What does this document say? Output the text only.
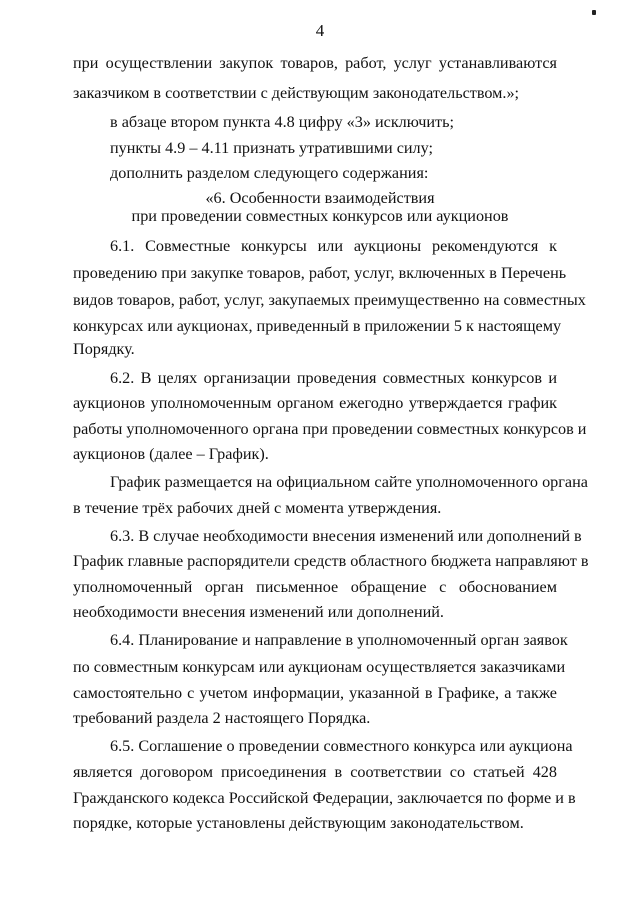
4
при осуществлении закупок товаров, работ, услуг устанавливаются
заказчиком в соответствии с действующим законодательством.»;
в абзаце втором пункта 4.8 цифру «3» исключить;
пункты 4.9 – 4.11 признать утратившими силу;
дополнить разделом следующего содержания:
«6. Особенности взаимодействия
при проведении совместных конкурсов или аукционов
6.1. Совместные конкурсы или аукционы рекомендуются к
проведению при закупке товаров, работ, услуг, включенных в Перечень
видов товаров, работ, услуг, закупаемых преимущественно на совместных
конкурсах или аукционах, приведенный в приложении 5 к настоящему
Порядку.
6.2. В целях организации проведения совместных конкурсов и
аукционов уполномоченным органом ежегодно утверждается график
работы уполномоченного органа при проведении совместных конкурсов и
аукционов (далее – График).
График размещается на официальном сайте уполномоченного органа
в течение трёх рабочих дней с момента утверждения.
6.3. В случае необходимости внесения изменений или дополнений в
График главные распорядители средств областного бюджета направляют в
уполномоченный орган письменное обращение с обоснованием
необходимости внесения изменений или дополнений.
6.4. Планирование и направление в уполномоченный орган заявок
по совместным конкурсам или аукционам осуществляется заказчиками
самостоятельно с учетом информации, указанной в Графике, а также
требований раздела 2 настоящего Порядка.
6.5. Соглашение о проведении совместного конкурса или аукциона
является договором присоединения в соответствии со статьей 428
Гражданского кодекса Российской Федерации, заключается по форме и в
порядке, которые установлены действующим законодательством.
